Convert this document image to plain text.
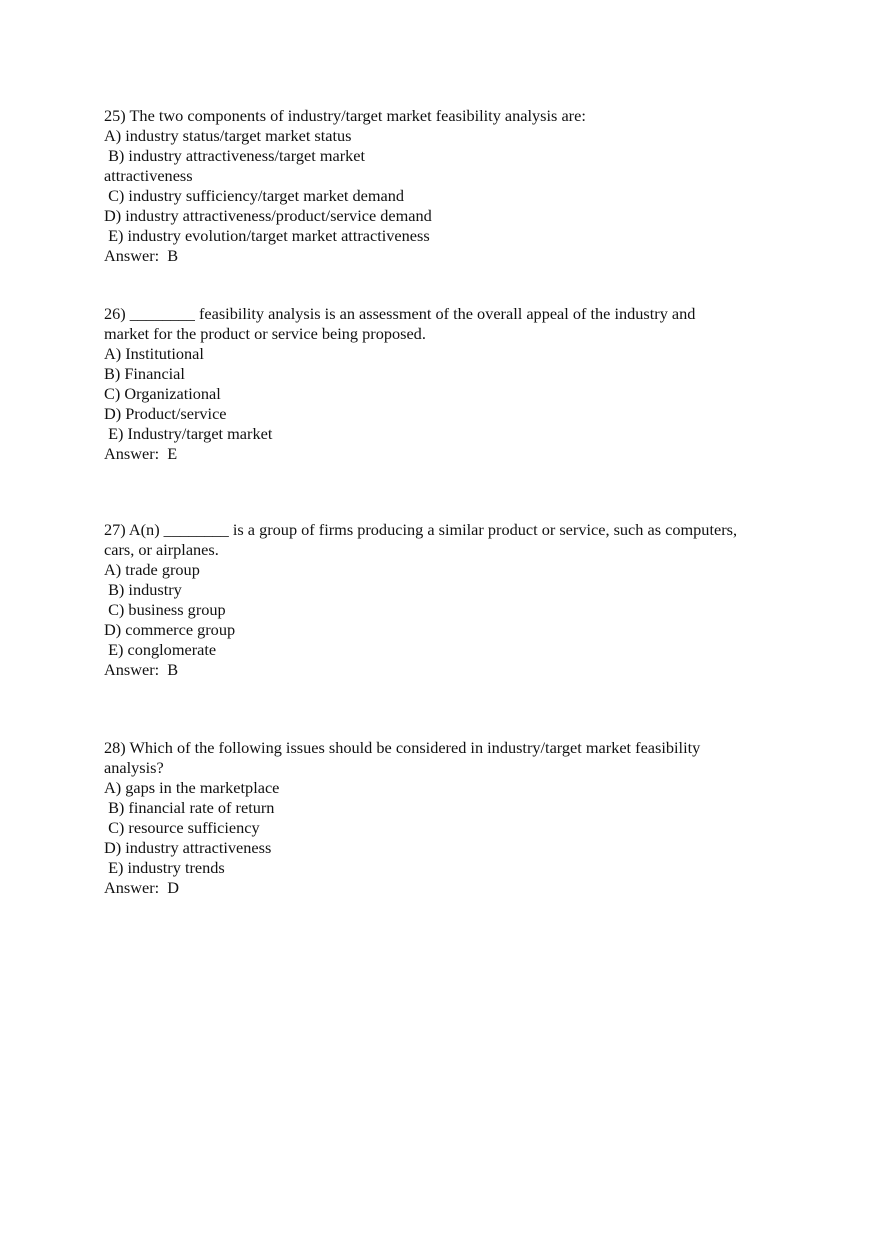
25) The two components of industry/target market feasibility analysis are:
A) industry status/target market status
B) industry attractiveness/target market
attractiveness
C) industry sufficiency/target market demand
D) industry attractiveness/product/service demand
E) industry evolution/target market attractiveness
Answer:  B
26) ________ feasibility analysis is an assessment of the overall appeal of the industry and
market for the product or service being proposed.
A) Institutional
B) Financial
C) Organizational
D) Product/service
E) Industry/target market
Answer:  E
27) A(n) ________ is a group of firms producing a similar product or service, such as computers,
cars, or airplanes.
A) trade group
B) industry
C) business group
D) commerce group
E) conglomerate
Answer:  B
28) Which of the following issues should be considered in industry/target market feasibility
analysis?
A) gaps in the marketplace
B) financial rate of return
C) resource sufficiency
D) industry attractiveness
E) industry trends
Answer:  D
